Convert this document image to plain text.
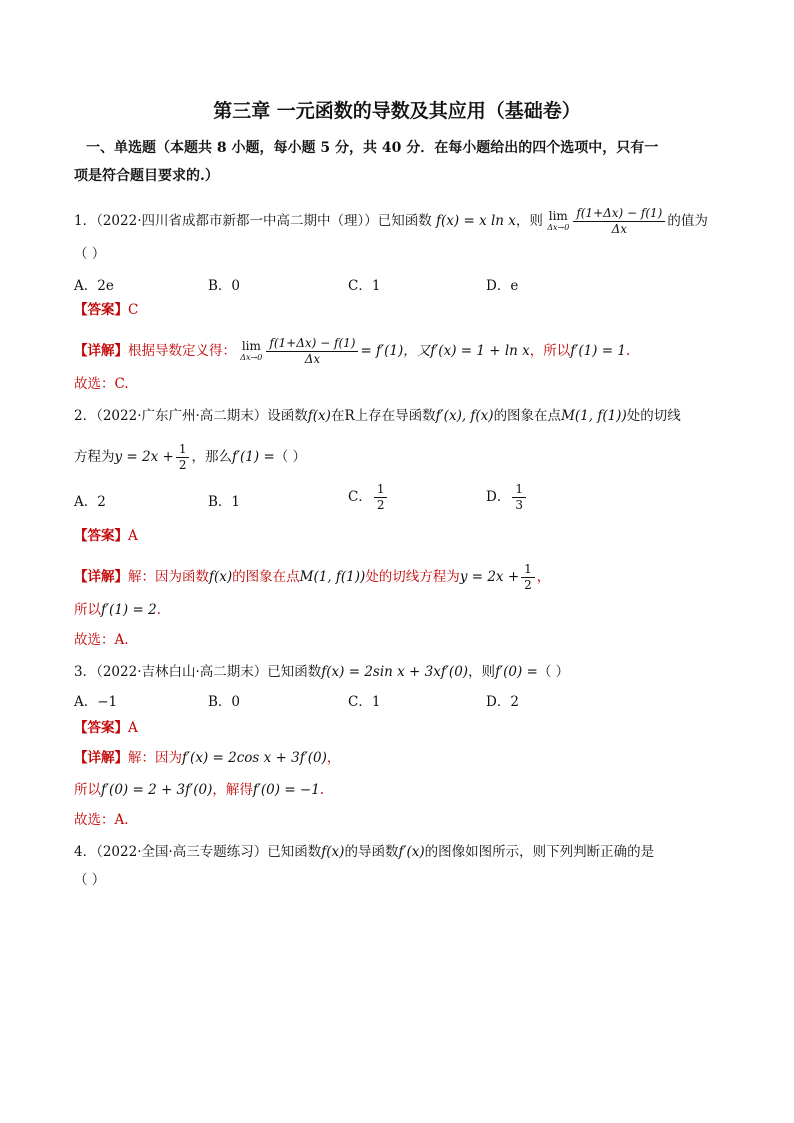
第三章 一元函数的导数及其应用（基础卷）
一、单选题（本题共 8 小题，每小题 5 分，共 40 分．在每小题给出的四个选项中，只有一
项是符合题目要求的.）
1．（2022·四川省成都市新都一中高二期中（理））已知函数 f(x) = x ln x，则 lim
$\Delta x\to 0 \frac{f(1+\Delta x) - f(1)}{\Delta x}$ 的值为
（ ）
A．2e	B．0	C．1	D．e
【答案】C
【详解】根据导数定义得： lim
$\Delta x\to 0 \frac{f(1+\Delta x) - f(1)}{\Delta x} = f'(1)$，又f′(x) = 1 + ln x，所以f′(1) = 1.
故选：C.
2．（2022·广东广州·高二期末）设函数f(x)在R上存在导函数f′(x), f(x)的图象在点M(1, f(1))处的切线
方程为$y = 2x + \frac{1}{2}$ ，那么f′(1) =（ ）
A．2	B．1	C． $\frac{1}{2}$	D． $\frac{1}{3}$
【答案】A
【详解】解：因为函数f(x)的图象在点M(1, f(1))处的切线方程为$y = 2x + \frac{1}{2}$ ，
所以f′(1) = 2.
故选：A.
3．（2022·吉林白山·高二期末）已知函数f(x) = 2sin x + 3xf′(0)，则f′(0) =（ ）
A．−1	B．0	C．1	D．2
【答案】A
【详解】解：因为f′(x) = 2cos x + 3f′(0)，
所以f′(0) = 2 + 3f′(0)，解得f′(0) = −1.
故选：A.
4．（2022·全国·高三专题练习）已知函数f(x)的导函数f′(x)的图像如图所示，则下列判断正确的是
（ ）
